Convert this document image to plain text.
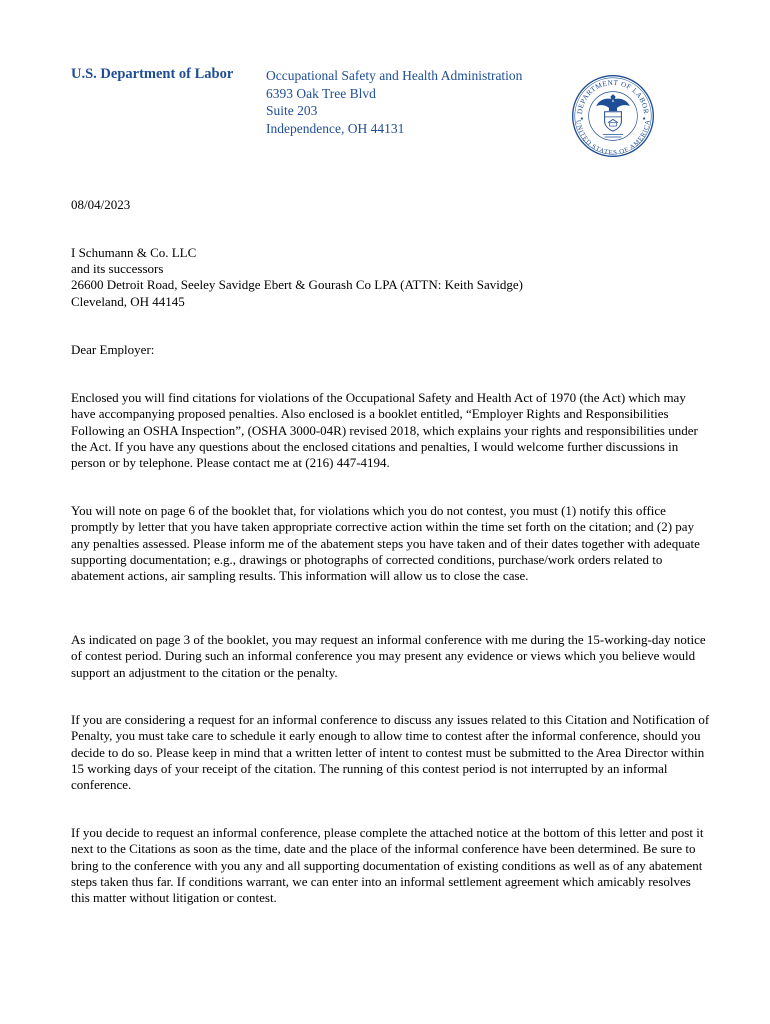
U.S. Department of Labor Occupational Safety and Health Administration
6393 Oak Tree Blvd
Suite 203
Independence, OH 44131
DEPARTMENT OF LABOR
UNITED STATES OF AMERICA
08/04/2023
I Schumann & Co. LLC
and its successors
26600 Detroit Road, Seeley Savidge Ebert & Gourash Co LPA (ATTN: Keith Savidge)
Cleveland, OH 44145
Dear Employer:

Enclosed you will find citations for violations of the Occupational Safety and Health Act of 1970 (the Act) which may have accompanying proposed penalties. Also enclosed is a booklet entitled, “Employer Rights and Responsibilities Following an OSHA Inspection”, (OSHA 3000-04R) revised 2018, which explains your rights and responsibilities under the Act. If you have any questions about the enclosed citations and penalties, I would welcome further discussions in person or by telephone. Please contact me at (216) 447-4194.

You will note on page 6 of the booklet that, for violations which you do not contest, you must (1) notify this office promptly by letter that you have taken appropriate corrective action within the time set forth on the citation; and (2) pay any penalties assessed. Please inform me of the abatement steps you have taken and of their dates together with adequate supporting documentation; e.g., drawings or photographs of corrected conditions, purchase/work orders related to abatement actions, air sampling results. This information will allow us to close the case.

As indicated on page 3 of the booklet, you may request an informal conference with me during the 15-working-day notice of contest period. During such an informal conference you may present any evidence or views which you believe would support an adjustment to the citation or the penalty.

If you are considering a request for an informal conference to discuss any issues related to this Citation and Notification of Penalty, you must take care to schedule it early enough to allow time to contest after the informal conference, should you decide to do so. Please keep in mind that a written letter of intent to contest must be submitted to the Area Director within 15 working days of your receipt of the citation. The running of this contest period is not interrupted by an informal conference.

If you decide to request an informal conference, please complete the attached notice at the bottom of this letter and post it next to the Citations as soon as the time, date and the place of the informal conference have been determined. Be sure to bring to the conference with you any and all supporting documentation of existing conditions as well as of any abatement steps taken thus far. If conditions warrant, we can enter into an informal settlement agreement which amicably resolves this matter without litigation or contest.
